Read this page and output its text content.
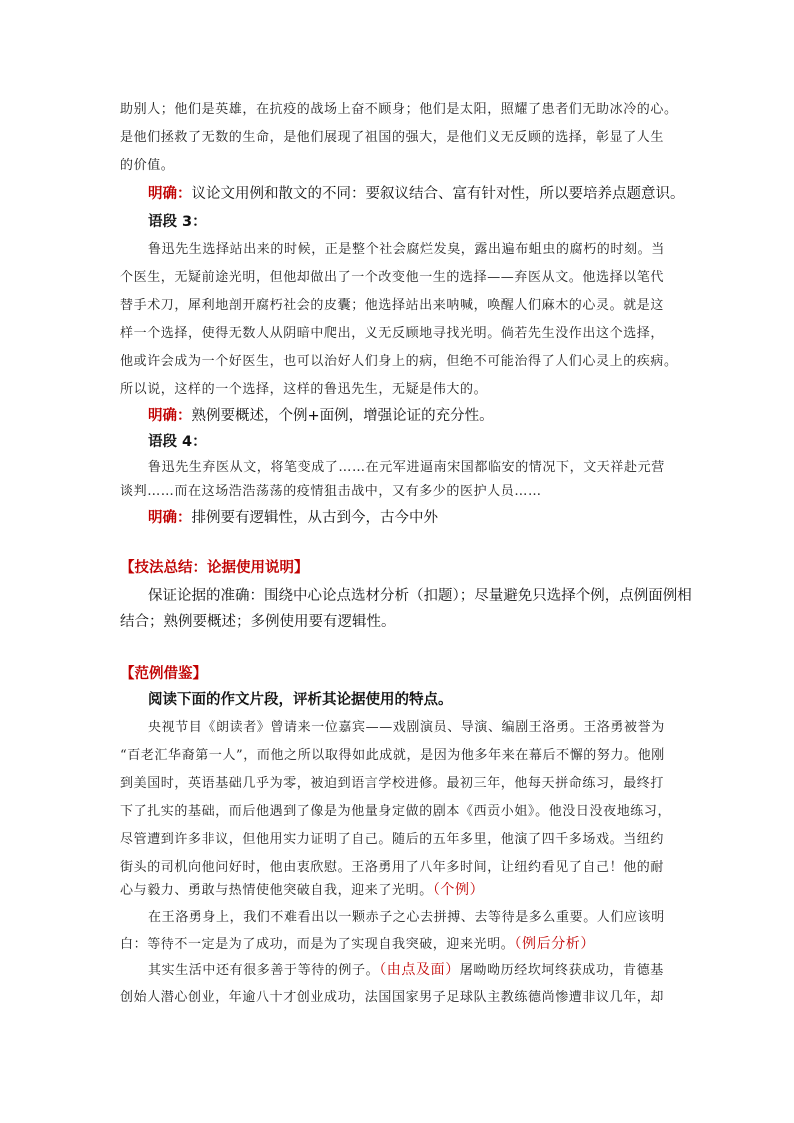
助别人；他们是英雄，在抗疫的战场上奋不顾身；他们是太阳，照耀了患者们无助冰冷的心。
是他们拯救了无数的生命，是他们展现了祖国的强大，是他们义无反顾的选择，彰显了人生
的价值。
明确：议论文用例和散文的不同：要叙议结合、富有针对性，所以要培养点题意识。
语段 3：
鲁迅先生选择站出来的时候，正是整个社会腐烂发臭，露出遍布蛆虫的腐朽的时刻。当
个医生，无疑前途光明，但他却做出了一个改变他一生的选择——弃医从文。他选择以笔代
替手术刀，犀利地剖开腐朽社会的皮囊；他选择站出来呐喊，唤醒人们麻木的心灵。就是这
样一个选择，使得无数人从阴暗中爬出，义无反顾地寻找光明。倘若先生没作出这个选择，
他或许会成为一个好医生，也可以治好人们身上的病，但绝不可能治得了人们心灵上的疾病。
所以说，这样的一个选择，这样的鲁迅先生，无疑是伟大的。
明确：熟例要概述，个例+面例，增强论证的充分性。
语段 4：
鲁迅先生弃医从文，将笔变成了……在元军进逼南宋国都临安的情况下，文天祥赴元营
谈判……而在这场浩浩荡荡的疫情狙击战中，又有多少的医护人员……
明确：排例要有逻辑性，从古到今，古今中外
【技法总结：论据使用说明】
保证论据的准确：围绕中心论点选材分析（扣题）；尽量避免只选择个例，点例面例相
结合；熟例要概述；多例使用要有逻辑性。
【范例借鉴】
阅读下面的作文片段，评析其论据使用的特点。
央视节目《朗读者》曾请来一位嘉宾——戏剧演员、导演、编剧王洛勇。王洛勇被誉为
“百老汇华裔第一人”，而他之所以取得如此成就，是因为他多年来在幕后不懈的努力。他刚
到美国时，英语基础几乎为零，被迫到语言学校进修。最初三年，他每天拼命练习，最终打
下了扎实的基础，而后他遇到了像是为他量身定做的剧本《西贡小姐》。他没日没夜地练习，
尽管遭到许多非议，但他用实力证明了自己。随后的五年多里，他演了四千多场戏。当纽约
街头的司机向他问好时，他由衷欣慰。王洛勇用了八年多时间，让纽约看见了自己！他的耐
心与毅力、勇敢与热情使他突破自我，迎来了光明。（个例）
在王洛勇身上，我们不难看出以一颗赤子之心去拼搏、去等待是多么重要。人们应该明
白：等待不一定是为了成功，而是为了实现自我突破，迎来光明。（例后分析）
其实生活中还有很多善于等待的例子。（由点及面）屠呦呦历经坎坷终获成功，肯德基
创始人潜心创业，年逾八十才创业成功，法国国家男子足球队主教练德尚惨遭非议几年，却
